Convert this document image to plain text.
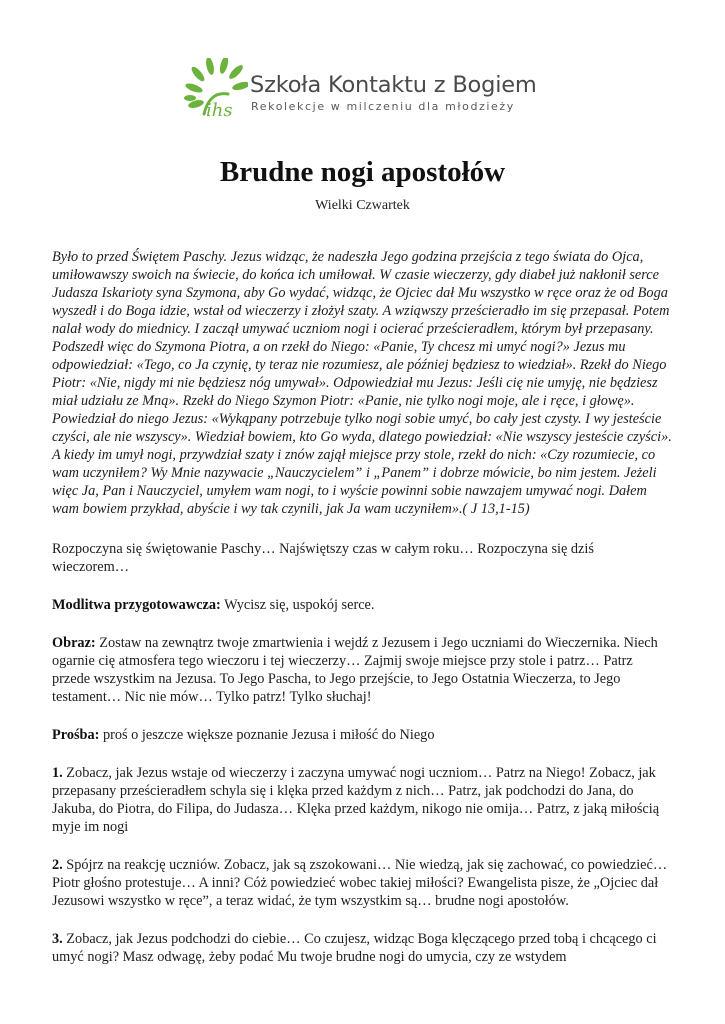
ihs
Szkoła Kontaktu z Bogiem
Rekolekcje w milczeniu dla młodzieży
Brudne nogi apostołów
Wielki Czwartek

Było to przed Świętem Paschy. Jezus widząc, że nadeszła Jego godzina przejścia z tego świata do Ojca, umiłowawszy swoich na świecie, do końca ich umiłował. W czasie wieczerzy, gdy diabeł już nakłonił serce Judasza Iskarioty syna Szymona, aby Go wydać, widząc, że Ojciec dał Mu wszystko w ręce oraz że od Boga wyszedł i do Boga idzie, wstał od wieczerzy i złożył szaty. A wziąwszy prześcieradło im się przepasał. Potem nalał wody do miednicy. I zaczął umywać uczniom nogi i ocierać prześcieradłem, którym był przepasany. Podszedł więc do Szymona Piotra, a on rzekł do Niego: «Panie, Ty chcesz mi umyć nogi?» Jezus mu odpowiedział: «Tego, co Ja czynię, ty teraz nie rozumiesz, ale później będziesz to wiedział». Rzekł do Niego Piotr: «Nie, nigdy mi nie będziesz nóg umywał». Odpowiedział mu Jezus: Jeśli cię nie umyję, nie będziesz miał udziału ze Mną». Rzekł do Niego Szymon Piotr: «Panie, nie tylko nogi moje, ale i ręce, i głowę». Powiedział do niego Jezus: «Wykąpany potrzebuje tylko nogi sobie umyć, bo cały jest czysty. I wy jesteście czyści, ale nie wszyscy». Wiedział bowiem, kto Go wyda, dlatego powiedział: «Nie wszyscy jesteście czyści». A kiedy im umył nogi, przywdział szaty i znów zajął miejsce przy stole, rzekł do nich: «Czy rozumiecie, co wam uczyniłem? Wy Mnie nazywacie „Nauczycielem” i „Panem” i dobrze mówicie, bo nim jestem. Jeżeli więc Ja, Pan i Nauczyciel, umyłem wam nogi, to i wyście powinni sobie nawzajem umywać nogi. Dałem wam bowiem przykład, abyście i wy tak czynili, jak Ja wam uczyniłem».( J 13,1-15)

Rozpoczyna się świętowanie Paschy… Najświętszy czas w całym roku… Rozpoczyna się dziś wieczorem…

Modlitwa przygotowawcza: Wycisz się, uspokój serce.

Obraz: Zostaw na zewnątrz twoje zmartwienia i wejdź z Jezusem i Jego uczniami do Wieczernika. Niech ogarnie cię atmosfera tego wieczoru i tej wieczerzy… Zajmij swoje miejsce przy stole i patrz… Patrz przede wszystkim na Jezusa. To Jego Pascha, to Jego przejście, to Jego Ostatnia Wieczerza, to Jego testament… Nic nie mów… Tylko patrz! Tylko słuchaj!

Prośba: proś o jeszcze większe poznanie Jezusa i miłość do Niego

1. Zobacz, jak Jezus wstaje od wieczerzy i zaczyna umywać nogi uczniom… Patrz na Niego! Zobacz, jak przepasany prześcieradłem schyla się i klęka przed każdym z nich… Patrz, jak podchodzi do Jana, do Jakuba, do Piotra, do Filipa, do Judasza… Klęka przed każdym, nikogo nie omija… Patrz, z jaką miłością myje im nogi

2. Spójrz na reakcję uczniów. Zobacz, jak są zszokowani… Nie wiedzą, jak się zachować, co powiedzieć… Piotr głośno protestuje… A inni? Cóż powiedzieć wobec takiej miłości? Ewangelista pisze, że „Ojciec dał Jezusowi wszystko w ręce”, a teraz widać, że tym wszystkim są… brudne nogi apostołów.

3. Zobacz, jak Jezus podchodzi do ciebie… Co czujesz, widząc Boga klęczącego przed tobą i chcącego ci umyć nogi? Masz odwagę, żeby podać Mu twoje brudne nogi do umycia, czy ze wstydem
